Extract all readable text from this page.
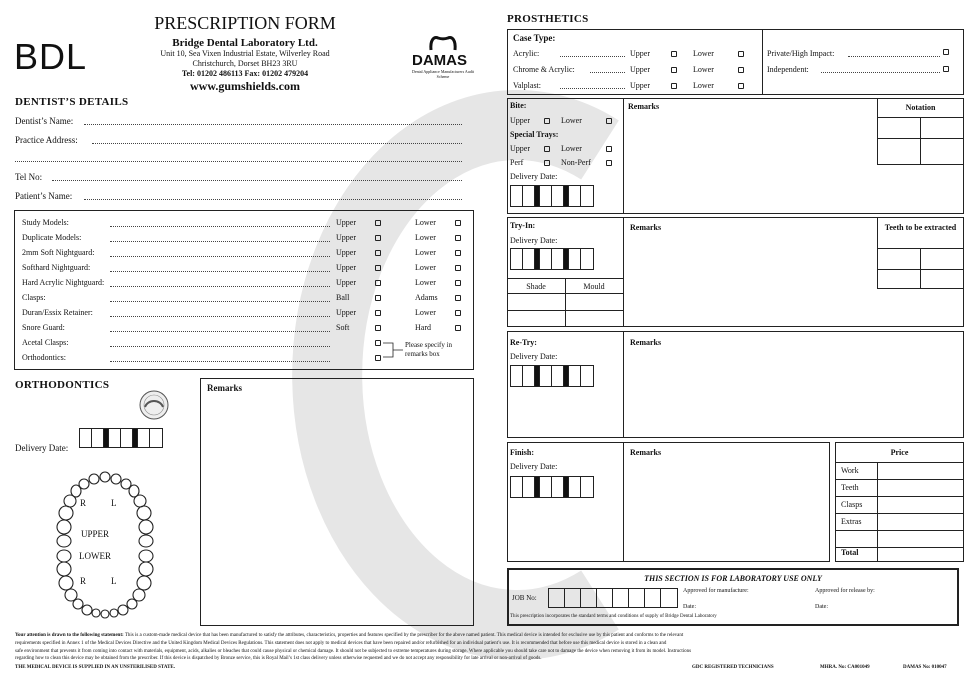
BDL
PRESCRIPTION FORM
Bridge Dental Laboratory Ltd.
Unit 10, Sea Vixen Industrial Estate, Wilverley Road
Christchurch, Dorset BH23 3RU
Tel: 01202 486113 Fax: 01202 479204
www.gumshields.com
DAMAS
Dental Appliance Manufacturers Audit Scheme
DENTIST’S DETAILS
Dentist’s Name:
Practice Address:
Tel No:
Patient’s Name:
Study Models:	Upper	Lower
Duplicate Models:	Upper	Lower
2mm Soft Nightguard:	Upper	Lower
Softhard Nightguard:	Upper	Lower
Hard Acrylic Nightguard:	Upper	Lower
Clasps:	Ball	Adams
Duran/Essix Retainer:	Upper	Lower
Snore Guard:	Soft	Hard
Acetal Clasps:
Orthodontics:
Please specify in remarks box
ORTHODONTICS
Delivery Date:
R	L
UPPER
LOWER
R	L
Remarks
PROSTHETICS
Case Type:
Acrylic:	Upper	Lower
Chrome & Acrylic:	Upper	Lower
Valplast:	Upper	Lower
Private/High Impact:
Independent:
Bite:
Upper	Lower
Special Trays:
Upper	Lower
Perf	Non-Perf
Delivery Date:
Remarks	Notation
Try-In:
Delivery Date:
Shade	Mould
Remarks	Teeth to be extracted
Re-Try:
Delivery Date:
Remarks
Finish:
Delivery Date:
Remarks	Price
Work
Teeth
Clasps
Extras
Total
THIS SECTION IS FOR LABORATORY USE ONLY
JOB No:
Approved for manufacture:	Approved for release by:
Date:	Date:
This prescription incorporates the standard terms and conditions of supply of Bridge Dental Laboratory
Your attention is drawn to the following statement: This is a custom-made medical device that has been manufactured to satisfy the attributes, characteristics, properties and features specified by the prescriber for the above named patient. This medical device is intended for exclusive use by this patient and conforms to the relevant
requirements specified in Annex 1 of the Medical Devices Directive and the United Kingdom Medical Devices Regulations. This statement does not apply to medical devices that have been repaired and/or refurbished for an individual patient’s use. It is recommended that before use this medical device is stored in a clean and
safe environment that prevents it from coming into contact with materials, equipment, acids, alkalies or bleaches that could cause physical or chemical damage. It should not be subjected to extreme temperatures during storage. Where applicable you should take care not to damage the device when removing it from its model. Instructions
regarding how to clean this device may be obtained from the prescriber. If this device is dispatched by Bronze service, this is Royal Mail’s 1st class delivery unless otherwise requested and we do not accept any responsibility for late arrival or non-arrival of goods.
THE MEDICAL DEVICE IS SUPPLIED IN AN UNSTERILISED STATE.	GDC REGISTERED TECHNICIANS	MHRA. No: CA001049	DAMAS No: 010047
